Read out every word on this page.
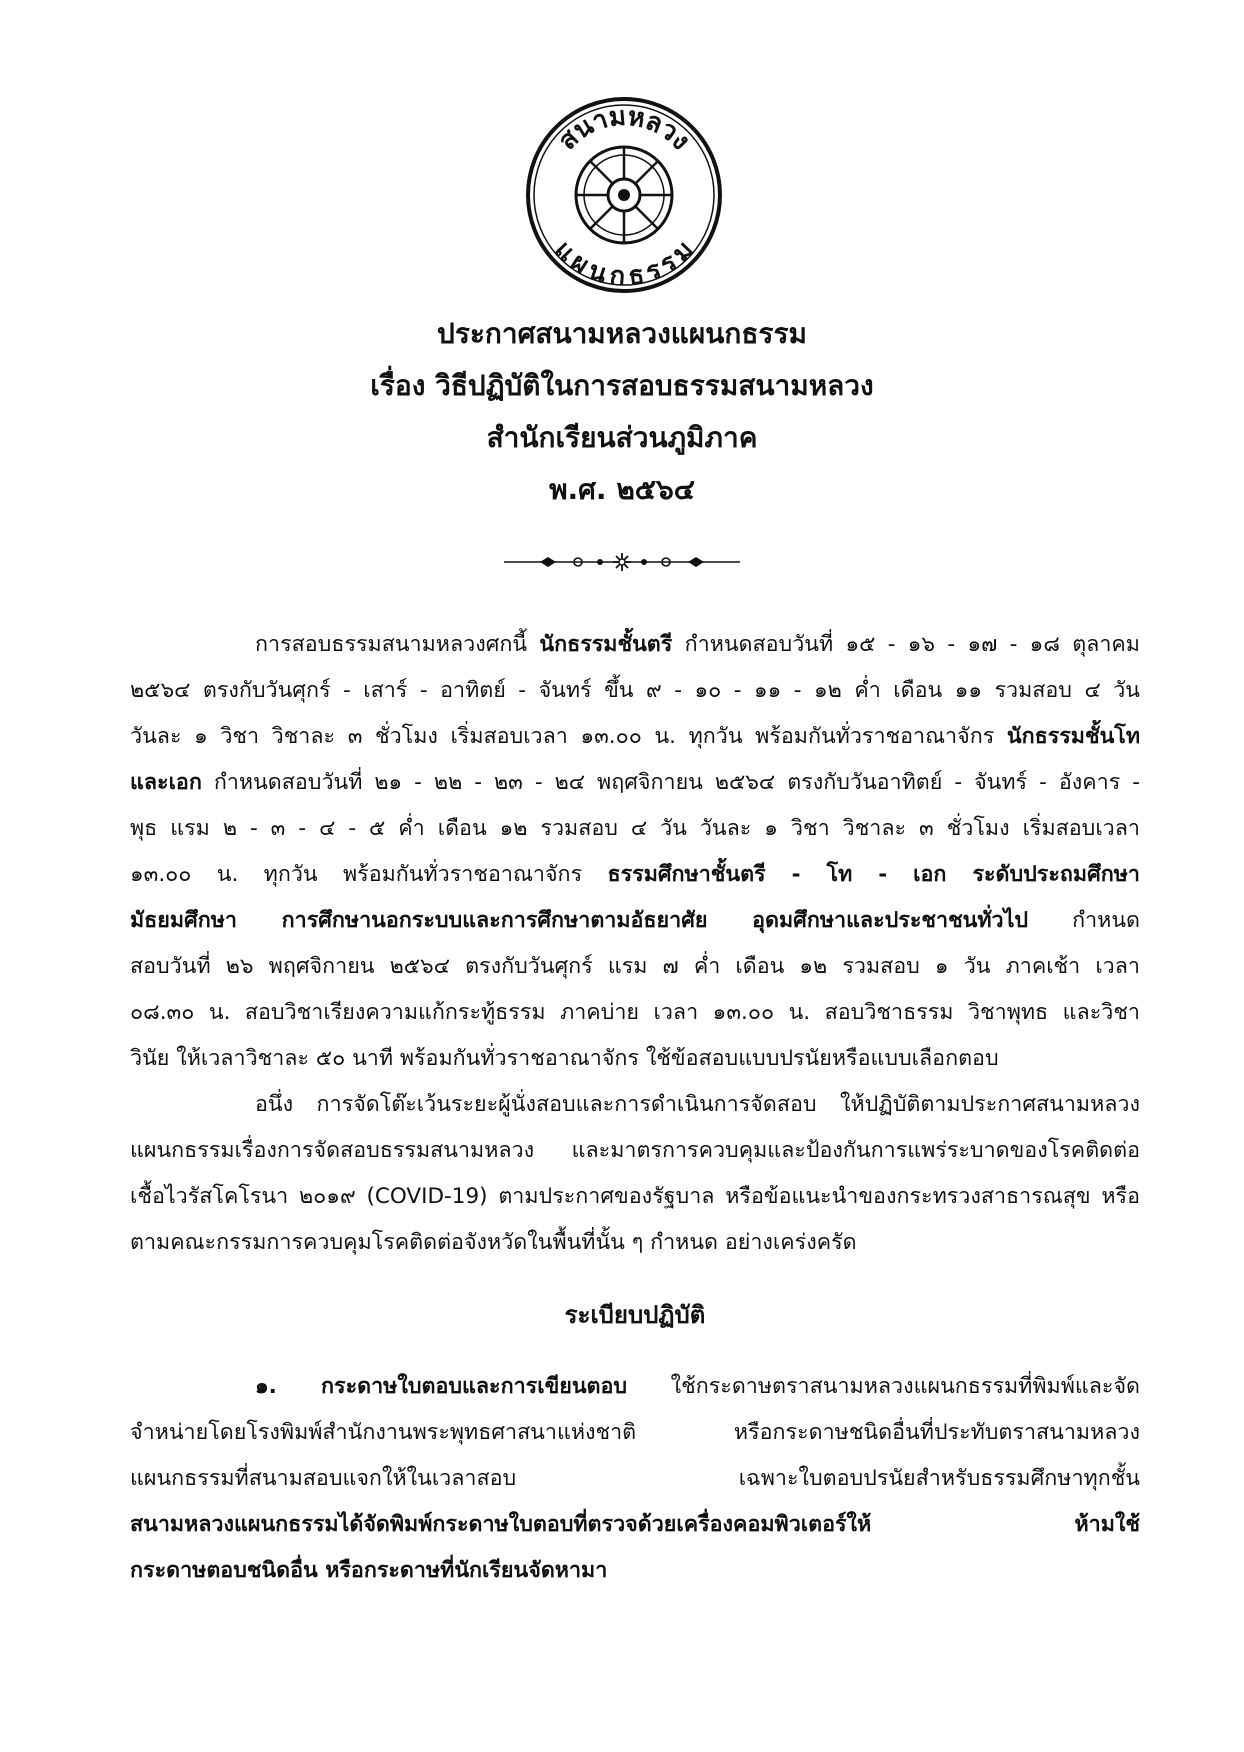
สนามหลวง
แผนกธรรม
ประกาศสนามหลวงแผนกธรรม
เรื่อง วิธีปฏิบัติในการสอบธรรมสนามหลวง
สำนักเรียนส่วนภูมิภาค
พ.ศ. ๒๕๖๔
การสอบธรรมสนามหลวงศกนี้ นักธรรมชั้นตรี กำหนดสอบวันที่ ๑๕ - ๑๖ - ๑๗ - ๑๘ ตุลาคม
๒๕๖๔ ตรงกับวันศุกร์ - เสาร์ - อาทิตย์ - จันทร์ ขึ้น ๙ - ๑๐ - ๑๑ - ๑๒ ค่ำ เดือน ๑๑ รวมสอบ ๔ วัน
วันละ ๑ วิชา วิชาละ ๓ ชั่วโมง เริ่มสอบเวลา ๑๓.๐๐ น. ทุกวัน พร้อมกันทั่วราชอาณาจักร นักธรรมชั้นโท
และเอก กำหนดสอบวันที่ ๒๑ - ๒๒ - ๒๓ - ๒๔ พฤศจิกายน ๒๕๖๔ ตรงกับวันอาทิตย์ - จันทร์ - อังคาร -
พุธ แรม ๒ - ๓ - ๔ - ๕ ค่ำ เดือน ๑๒ รวมสอบ ๔ วัน วันละ ๑ วิชา วิชาละ ๓ ชั่วโมง เริ่มสอบเวลา
๑๓.๐๐ น. ทุกวัน พร้อมกันทั่วราชอาณาจักร ธรรมศึกษาชั้นตรี - โท - เอก ระดับประถมศึกษา
มัธยมศึกษา การศึกษานอกระบบและการศึกษาตามอัธยาศัย อุดมศึกษาและประชาชนทั่วไป กำหนด
สอบวันที่ ๒๖ พฤศจิกายน ๒๕๖๔ ตรงกับวันศุกร์ แรม ๗ ค่ำ เดือน ๑๒ รวมสอบ ๑ วัน ภาคเช้า เวลา
๐๘.๓๐ น. สอบวิชาเรียงความแก้กระทู้ธรรม ภาคบ่าย เวลา ๑๓.๐๐ น. สอบวิชาธรรม วิชาพุทธ และวิชา
วินัย ให้เวลาวิชาละ ๕๐ นาที พร้อมกันทั่วราชอาณาจักร ใช้ข้อสอบแบบปรนัยหรือแบบเลือกตอบ
อนึ่ง การจัดโต๊ะเว้นระยะผู้นั่งสอบและการดำเนินการจัดสอบ ให้ปฏิบัติตามประกาศสนามหลวง
แผนกธรรมเรื่องการจัดสอบธรรมสนามหลวง และมาตรการควบคุมและป้องกันการแพร่ระบาดของโรคติดต่อ
เชื้อไวรัสโคโรนา ๒๐๑๙ (COVID-19) ตามประกาศของรัฐบาล หรือข้อแนะนำของกระทรวงสาธารณสุข หรือ
ตามคณะกรรมการควบคุมโรคติดต่อจังหวัดในพื้นที่นั้น ๆ กำหนด อย่างเคร่งครัด
ระเบียบปฏิบัติ
๑. กระดาษใบตอบและการเขียนตอบ ใช้กระดาษตราสนามหลวงแผนกธรรมที่พิมพ์และจัด
จำหน่ายโดยโรงพิมพ์สำนักงานพระพุทธศาสนาแห่งชาติ หรือกระดาษชนิดอื่นที่ประทับตราสนามหลวง
แผนกธรรมที่สนามสอบแจกให้ในเวลาสอบ เฉพาะใบตอบปรนัยสำหรับธรรมศึกษาทุกชั้น
สนามหลวงแผนกธรรมได้จัดพิมพ์กระดาษใบตอบที่ตรวจด้วยเครื่องคอมพิวเตอร์ให้ ห้ามใช้
กระดาษตอบชนิดอื่น หรือกระดาษที่นักเรียนจัดหามา
